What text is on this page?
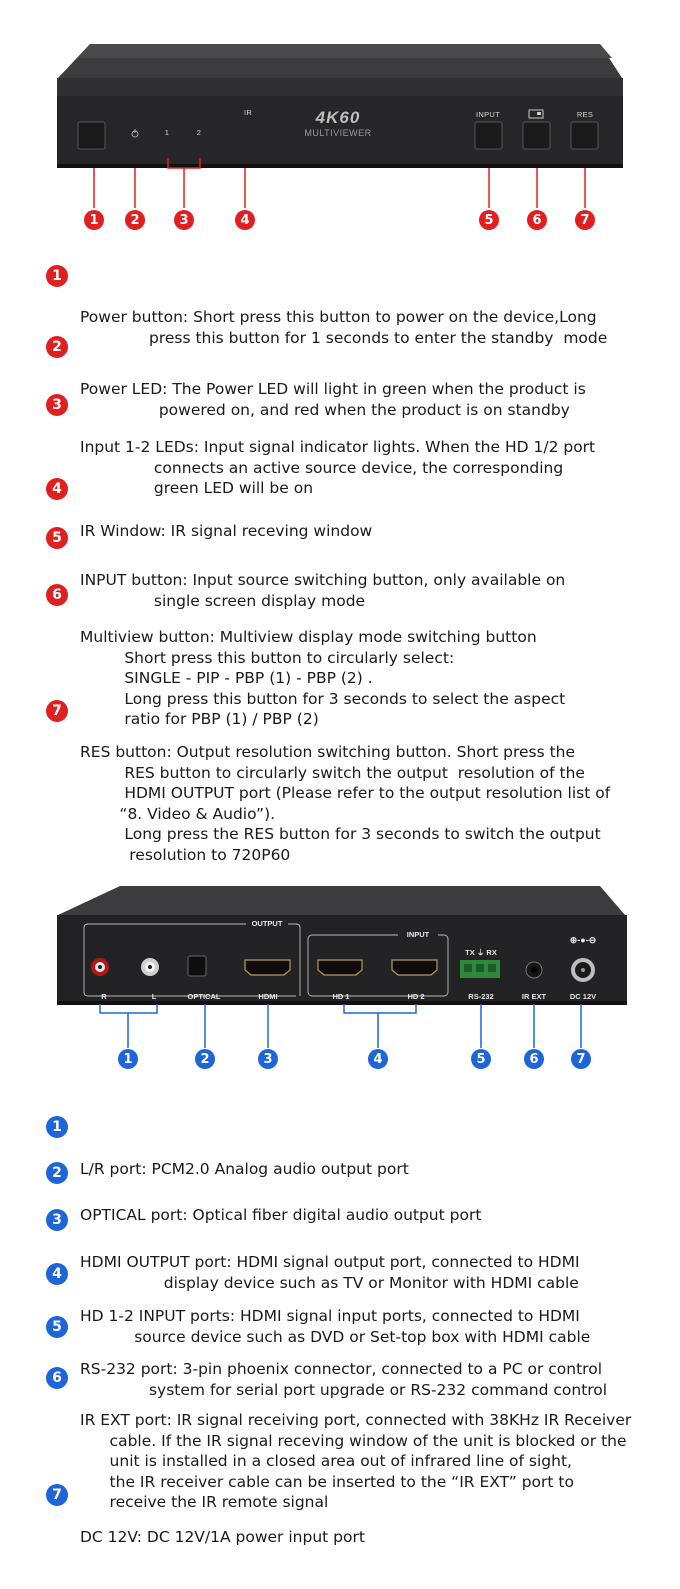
IR
1	2
4K60
MULTIVIEWER
INPUT	RES
1	2	3	4	5	6	7
1

Power button: Short press this button to power on the device,Long
press this button for 1 seconds to enter the standby  mode

2

Power LED: The Power LED will light in green when the product is
powered on, and red when the product is on standby

3

Input 1-2 LEDs: Input signal indicator lights. When the HD 1/2 port
connects an active source device, the corresponding
green LED will be on

4

IR Window: IR signal receving window

5

INPUT button: Input source switching button, only available on
single screen display mode

6

Multiview button: Multiview display mode switching button
Short press this button to circularly select:
SINGLE - PIP - PBP (1) - PBP (2) .
Long press this button for 3 seconds to select the aspect
ratio for PBP (1) / PBP (2)

7

RES button: Output resolution switching button. Short press the
RES button to circularly switch the output  resolution of the
HDMI OUTPUT port (Please refer to the output resolution list of
“8. Video & Audio”).
Long press the RES button for 3 seconds to switch the output
resolution to 720P60

OUTPUT
INPUT
R	L	OPTICAL	HDMI	HD 1	HD 2
TX ⏚ RX
RS-232	IR EXT	DC 12V
⊕-●-⊖
1	2	3	4	5	6	7
1

L/R port: PCM2.0 Analog audio output port

2

OPTICAL port: Optical fiber digital audio output port

3

HDMI OUTPUT port: HDMI signal output port, connected to HDMI
display device such as TV or Monitor with HDMI cable

4

HD 1-2 INPUT ports: HDMI signal input ports, connected to HDMI
source device such as DVD or Set-top box with HDMI cable

5

RS-232 port: 3-pin phoenix connector, connected to a PC or control
system for serial port upgrade or RS-232 command control

6

IR EXT port: IR signal receiving port, connected with 38KHz IR Receiver
cable. If the IR signal receving window of the unit is blocked or the
unit is installed in a closed area out of infrared line of sight,
the IR receiver cable can be inserted to the “IR EXT” port to
receive the IR remote signal

7

DC 12V: DC 12V/1A power input port
